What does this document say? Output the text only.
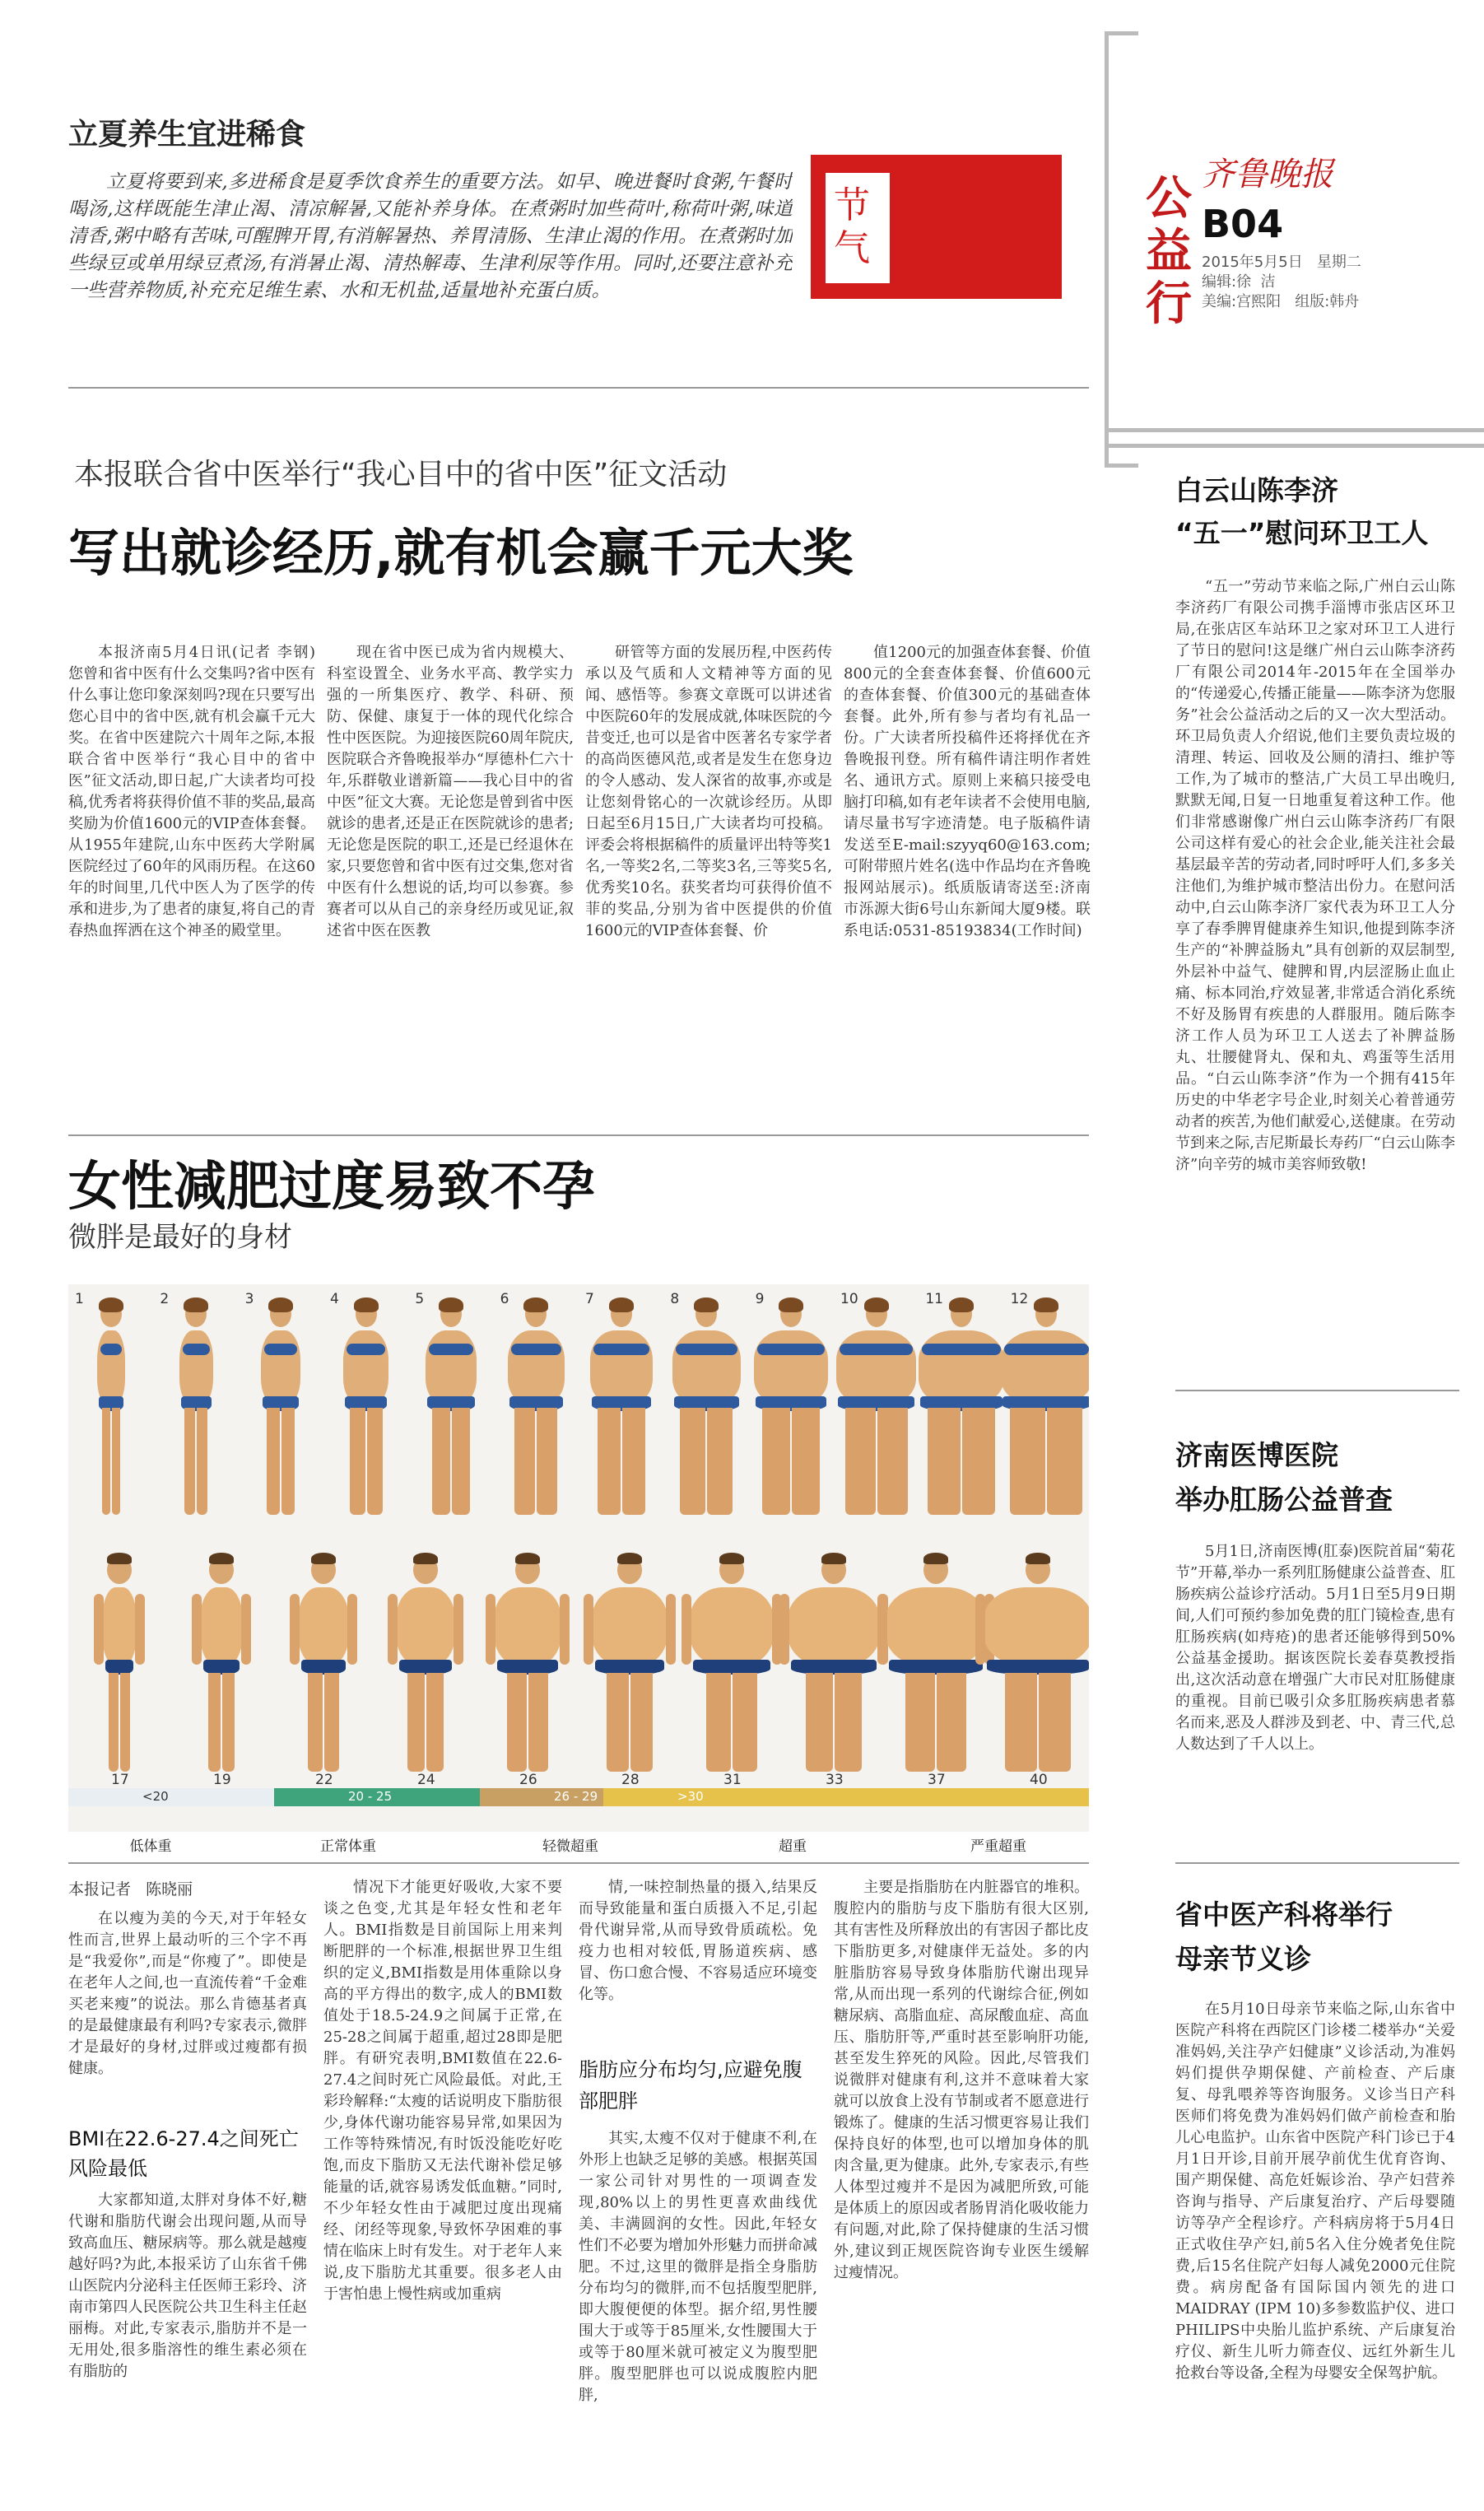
公益行
齐鲁晚报
B04
2015年5月5日   星期二
编辑:徐  洁
美编:宫熙阳   组版:韩舟
节气
立夏养生宜进稀食

立夏将要到来,多进稀食是夏季饮食养生的重要方法。如早、晚进餐时食粥,午餐时喝汤,这样既能生津止渴、清凉解暑,又能补养身体。在煮粥时加些荷叶,称荷叶粥,味道清香,粥中略有苦味,可醒脾开胃,有消解暑热、养胃清肠、生津止渴的作用。在煮粥时加些绿豆或单用绿豆煮汤,有消暑止渴、清热解毒、生津利尿等作用。同时,还要注意补充一些营养物质,补充充足维生素、水和无机盐,适量地补充蛋白质。

本报联合省中医举行“我心目中的省中医”征文活动
写出就诊经历,就有机会赢千元大奖

本报济南5月4日讯(记者 李钢) 您曾和省中医有什么交集吗?省中医有什么事让您印象深刻吗?现在只要写出您心目中的省中医,就有机会赢千元大奖。在省中医建院六十周年之际,本报联合省中医举行“我心目中的省中医”征文活动,即日起,广大读者均可投稿,优秀者将获得价值不菲的奖品,最高奖励为价值1600元的VIP查体套餐。从1955年建院,山东中医药大学附属医院经过了60年的风雨历程。在这60年的时间里,几代中医人为了医学的传承和进步,为了患者的康复,将自己的青春热血挥洒在这个神圣的殿堂里。

现在省中医已成为省内规模大、科室设置全、业务水平高、教学实力强的一所集医疗、教学、科研、预防、保健、康复于一体的现代化综合性中医医院。为迎接医院60周年院庆,医院联合齐鲁晚报举办“厚德朴仁六十年,乐群敬业谱新篇——我心目中的省中医”征文大赛。无论您是曾到省中医就诊的患者,还是正在医院就诊的患者;无论您是医院的职工,还是已经退休在家,只要您曾和省中医有过交集,您对省中医有什么想说的话,均可以参赛。参赛者可以从自己的亲身经历或见证,叙述省中医在医教

研管等方面的发展历程,中医药传承以及气质和人文精神等方面的见闻、感悟等。参赛文章既可以讲述省中医院60年的发展成就,体味医院的今昔变迁,也可以是省中医著名专家学者的高尚医德风范,或者是发生在您身边的令人感动、发人深省的故事,亦或是让您刻骨铭心的一次就诊经历。从即日起至6月15日,广大读者均可投稿。评委会将根据稿件的质量评出特等奖1名,一等奖2名,二等奖3名,三等奖5名,优秀奖10名。获奖者均可获得价值不菲的奖品,分别为省中医提供的价值1600元的VIP查体套餐、价

值1200元的加强查体套餐、价值800元的全套查体套餐、价值600元的查体套餐、价值300元的基础查体套餐。此外,所有参与者均有礼品一份。广大读者所投稿件还将择优在齐鲁晚报刊登。所有稿件请注明作者姓名、通讯方式。原则上来稿只接受电脑打印稿,如有老年读者不会使用电脑,请尽量书写字迹清楚。电子版稿件请发送至E-mail:szyyq60@163.com;可附带照片姓名(选中作品均在齐鲁晚报网站展示)。纸质版请寄送至:济南市泺源大街6号山东新闻大厦9楼。联系电话:0531-85193834(工作时间)

女性减肥过度易致不孕
微胖是最好的身材
1	2	3	4	5	6	7	8	9	10	11	12
17	19	22	24	26	28	31	33	37	40
<20	20 - 25	26 - 29	>30
低体重	正常体重	轻微超重	超重	严重超重
本报记者   陈晓丽

在以瘦为美的今天,对于年轻女性而言,世界上最动听的三个字不再是“我爱你”,而是“你瘦了”。即使是在老年人之间,也一直流传着“千金难买老来瘦”的说法。那么肯德基者真的是最健康最有利吗?专家表示,微胖才是最好的身材,过胖或过瘦都有损健康。

BMI在22.6-27.4之间死亡风险最低

大家都知道,太胖对身体不好,糖代谢和脂肪代谢会出现问题,从而导致高血压、糖尿病等。那么就是越瘦越好吗?为此,本报采访了山东省千佛山医院内分泌科主任医师王彩玲、济南市第四人民医院公共卫生科主任赵丽梅。对此,专家表示,脂肪并不是一无用处,很多脂溶性的维生素必须在有脂肪的

情况下才能更好吸收,大家不要谈之色变,尤其是年轻女性和老年人。BMI指数是目前国际上用来判断肥胖的一个标准,根据世界卫生组织的定义,BMI指数是用体重除以身高的平方得出的数字,成人的BMI数值处于18.5-24.9之间属于正常,在25-28之间属于超重,超过28即是肥胖。有研究表明,BMI数值在22.6-27.4之间时死亡风险最低。对此,王彩玲解释:“太瘦的话说明皮下脂肪很少,身体代谢功能容易异常,如果因为工作等特殊情况,有时饭没能吃好吃饱,而皮下脂肪又无法代谢补偿足够能量的话,就容易诱发低血糖。”同时,不少年轻女性由于减肥过度出现痛经、闭经等现象,导致怀孕困难的事情在临床上时有发生。对于老年人来说,皮下脂肪尤其重要。很多老人由于害怕患上慢性病或加重病

情,一味控制热量的摄入,结果反而导致能量和蛋白质摄入不足,引起骨代谢异常,从而导致骨质疏松。免疫力也相对较低,胃肠道疾病、感冒、伤口愈合慢、不容易适应环境变化等。

脂肪应分布均匀,应避免腹部肥胖

其实,太瘦不仅对于健康不利,在外形上也缺乏足够的美感。根据英国一家公司针对男性的一项调查发现,80%以上的男性更喜欢曲线优美、丰满圆润的女性。因此,年轻女性们不必要为增加外形魅力而拼命减肥。不过,这里的微胖是指全身脂肪分布均匀的微胖,而不包括腹型肥胖,即大腹便便的体型。据介绍,男性腰围大于或等于85厘米,女性腰围大于或等于80厘米就可被定义为腹型肥胖。腹型肥胖也可以说成腹腔内肥胖,

主要是指脂肪在内脏器官的堆积。腹腔内的脂肪与皮下脂肪有很大区别,其有害性及所释放出的有害因子都比皮下脂肪更多,对健康伴无益处。多的内脏脂肪容易导致身体脂肪代谢出现异常,从而出现一系列的代谢综合征,例如糖尿病、高脂血症、高尿酸血症、高血压、脂肪肝等,严重时甚至影响肝功能,甚至发生猝死的风险。因此,尽管我们说微胖对健康有利,这并不意味着大家就可以放食上没有节制或者不愿意进行锻炼了。健康的生活习惯更容易让我们保持良好的体型,也可以增加身体的肌肉含量,更为健康。此外,专家表示,有些人体型过瘦并不是因为减肥所致,可能是体质上的原因或者肠胃消化吸收能力有问题,对此,除了保持健康的生活习惯外,建议到正规医院咨询专业医生缓解过瘦情况。

白云山陈李济
“五一”慰问环卫工人

“五一”劳动节来临之际,广州白云山陈李济药厂有限公司携手淄博市张店区环卫局,在张店区车站环卫之家对环卫工人进行了节日的慰问!这是继广州白云山陈李济药厂有限公司2014年-2015年在全国举办的“传递爱心,传播正能量——陈李济为您服务”社会公益活动之后的又一次大型活动。环卫局负责人介绍说,他们主要负责垃圾的清理、转运、回收及公厕的清扫、维护等工作,为了城市的整洁,广大员工早出晚归,默默无闻,日复一日地重复着这种工作。他们非常感谢像广州白云山陈李济药厂有限公司这样有爱心的社会企业,能关注社会最基层最辛苦的劳动者,同时呼吁人们,多多关注他们,为维护城市整洁出份力。在慰问活动中,白云山陈李济厂家代表为环卫工人分享了春季脾胃健康养生知识,他提到陈李济生产的“补脾益肠丸”具有创新的双层制型,外层补中益气、健脾和胃,内层涩肠止血止痛、标本同治,疗效显著,非常适合消化系统不好及肠胃有疾患的人群服用。随后陈李济工作人员为环卫工人送去了补脾益肠丸、壮腰健肾丸、保和丸、鸡蛋等生活用品。“白云山陈李济”作为一个拥有415年历史的中华老字号企业,时刻关心着普通劳动者的疾苦,为他们献爱心,送健康。在劳动节到来之际,吉尼斯最长寿药厂“白云山陈李济”向辛劳的城市美容师致敬!

济南医博医院
举办肛肠公益普查

5月1日,济南医博(肛泰)医院首届“菊花节”开幕,举办一系列肛肠健康公益普查、肛肠疾病公益诊疗活动。5月1日至5月9日期间,人们可预约参加免费的肛门镜检查,患有肛肠疾病(如痔疮)的患者还能够得到50%公益基金援助。据该医院长姜春莫教授指出,这次活动意在增强广大市民对肛肠健康的重视。目前已吸引众多肛肠疾病患者慕名而来,恶及人群涉及到老、中、青三代,总人数达到了千人以上。

省中医产科将举行
母亲节义诊

在5月10日母亲节来临之际,山东省中医院产科将在西院区门诊楼二楼举办“关爱准妈妈,关注孕产妇健康”义诊活动,为准妈妈们提供孕期保健、产前检查、产后康复、母乳喂养等咨询服务。义诊当日产科医师们将免费为准妈妈们做产前检查和胎儿心电监护。山东省中医院产科门诊已于4月1日开诊,目前开展孕前优生优育咨询、围产期保健、高危妊娠诊治、孕产妇营养咨询与指导、产后康复治疗、产后母婴随访等孕产全程诊疗。产科病房将于5月4日正式收住孕产妇,前5名入住分娩者免住院费,后15名住院产妇每人减免2000元住院费。病房配备有国际国内领先的进口MAIDRAY (IPM 10)多参数监护仪、进口PHILIPS中央胎儿监护系统、产后康复治疗仪、新生儿听力筛查仪、远红外新生儿抢救台等设备,全程为母婴安全保驾护航。
